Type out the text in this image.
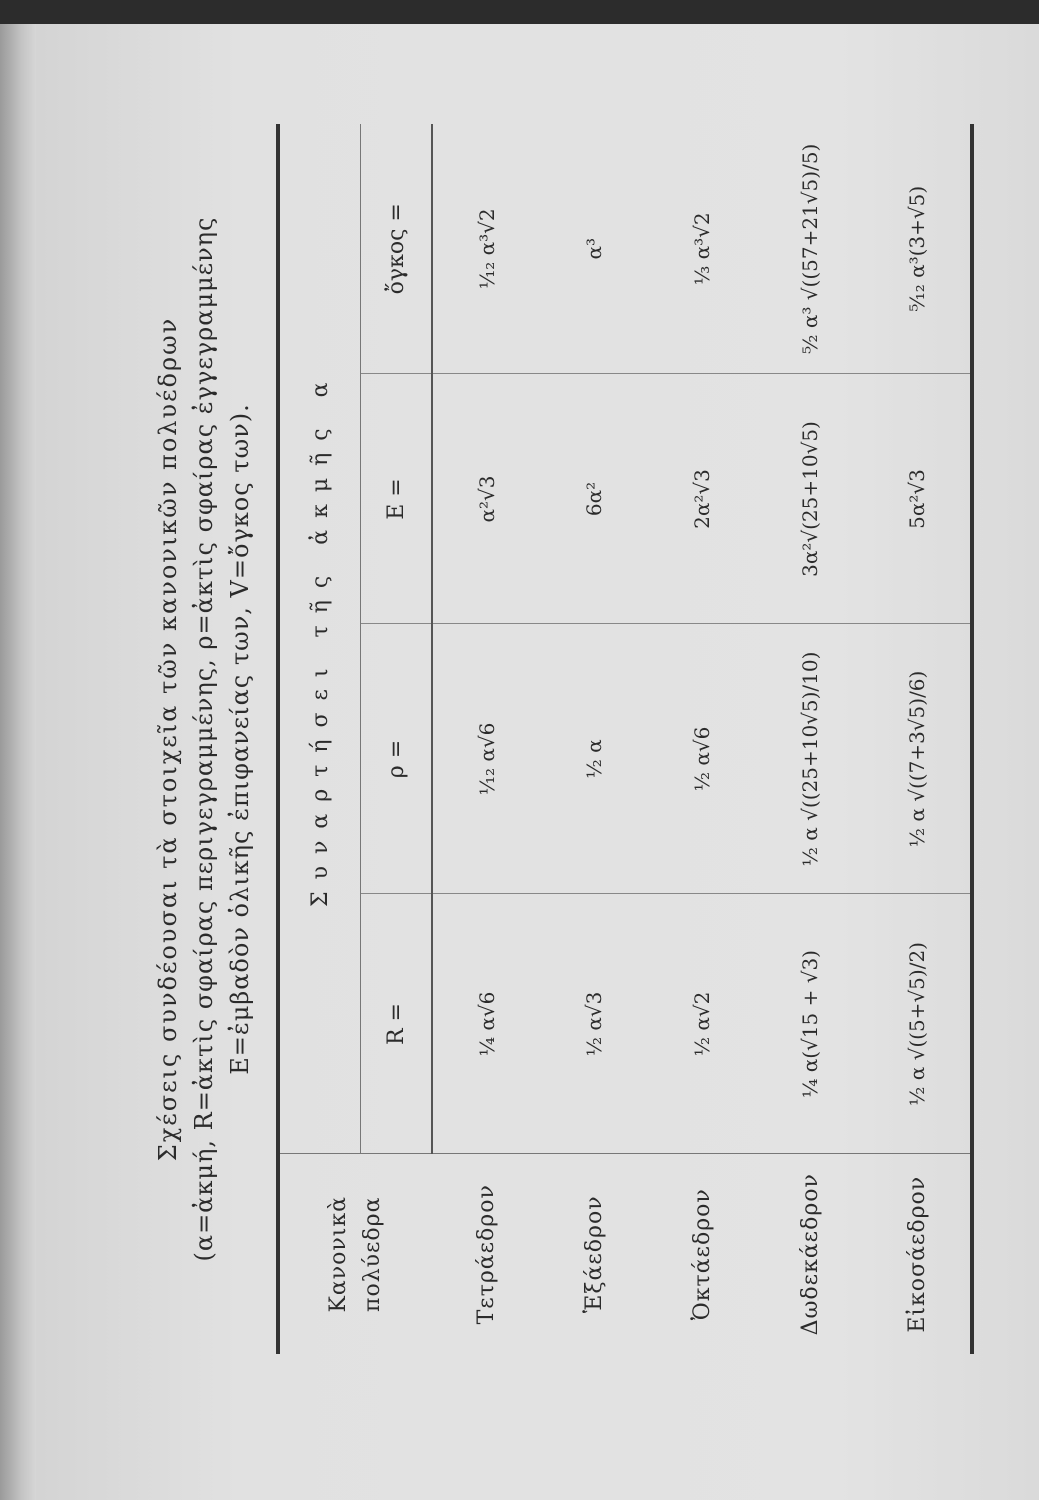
Σχέσεις συνδέουσαι τὰ στοιχεῖα τῶν κανονικῶν πολυέδρων (α=ἀκμή, R=ἀκτὶς σφαίρας περιγεγραμμένης, ρ=ἀκτὶς σφαίρας ἐγγεγραμμένης E=ἐμβαδὸν ὁλικῆς ἐπιφανείας των, V=ὄγκος των).
Κανονικὰ πολύεδρα	Συναρτήσει τῆς ἀκμῆς α			
	R =	ρ =	E =	ὄγκος =
Τετράεδρον	¹⁄₄ α√6	¹⁄₁₂ α√6	α²√3	¹⁄₁₂ α³√2
Ἑξάεδρον	¹⁄₂ α√3	¹⁄₂ α	6α²	α³
Ὀκτάεδρον	¹⁄₂ α√2	¹⁄₂ α√6	2α²√3	¹⁄₃ α³√2
Δωδεκάεδρον	¹⁄₄ α(√15 + √3)	¹⁄₂ α √((25+10√5)/10)	3α²√(25+10√5)	⁵⁄₂ α³ √((57+21√5)/5)
Εἰκοσάεδρον	¹⁄₂ α √((5+√5)/2)	¹⁄₂ α √((7+3√5)/6)	5α²√3	⁵⁄₁₂ α³(3+√5)
